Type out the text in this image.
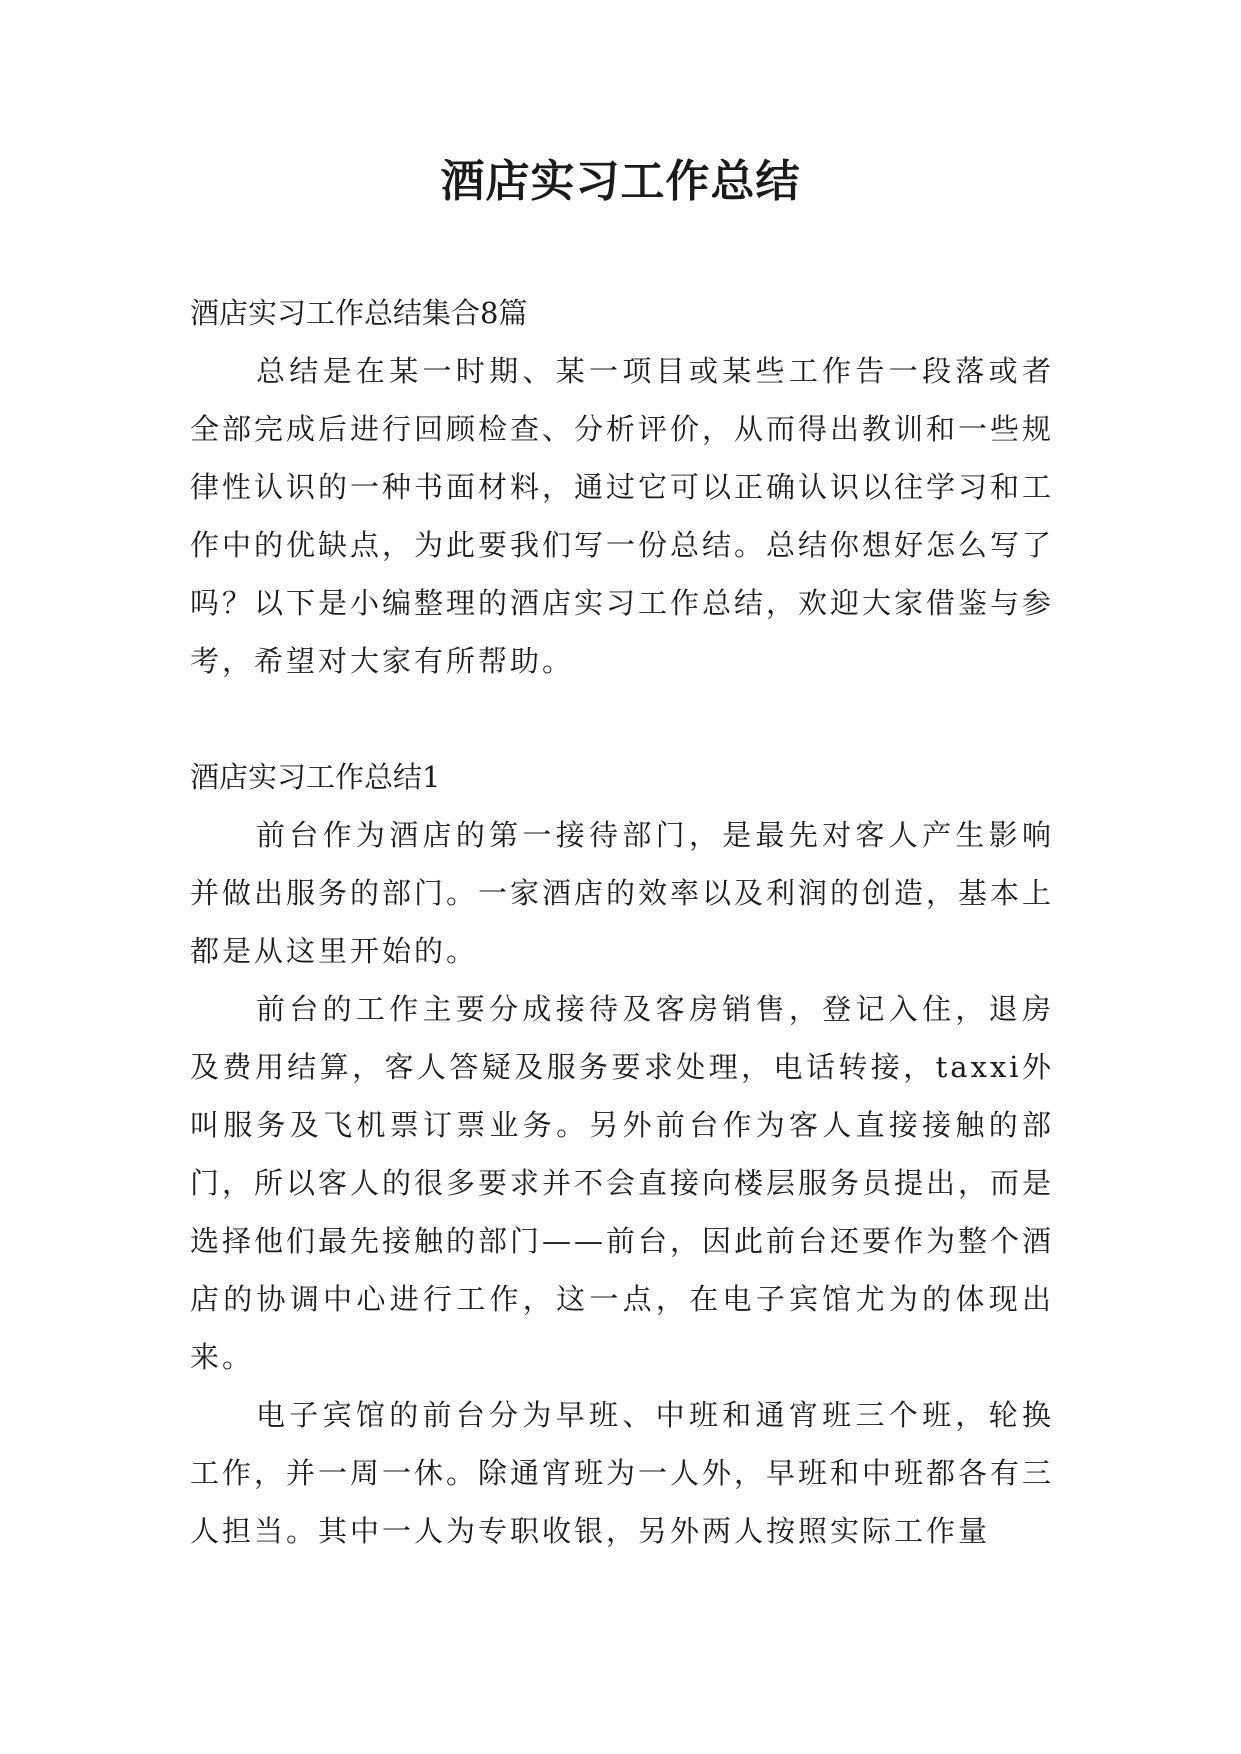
酒店实习工作总结

酒店实习工作总结集合8篇

总结是在某一时期、某一项目或某些工作告一段落或者全部完成后进行回顾检查、分析评价，从而得出教训和一些规律性认识的一种书面材料，通过它可以正确认识以往学习和工作中的优缺点，为此要我们写一份总结。总结你想好怎么写了吗？以下是小编整理的酒店实习工作总结，欢迎大家借鉴与参考，希望对大家有所帮助。

酒店实习工作总结1

前台作为酒店的第一接待部门，是最先对客人产生影响并做出服务的部门。一家酒店的效率以及利润的创造，基本上都是从这里开始的。

前台的工作主要分成接待及客房销售，登记入住，退房及费用结算，客人答疑及服务要求处理，电话转接，taxxi外叫服务及飞机票订票业务。另外前台作为客人直接接触的部门，所以客人的很多要求并不会直接向楼层服务员提出，而是选择他们最先接触的部门——前台，因此前台还要作为整个酒店的协调中心进行工作，这一点，在电子宾馆尤为的体现出来。

电子宾馆的前台分为早班、中班和通宵班三个班，轮换工作，并一周一休。除通宵班为一人外，早班和中班都各有三人担当。其中一人为专职收银，另外两人按照实际工作量
